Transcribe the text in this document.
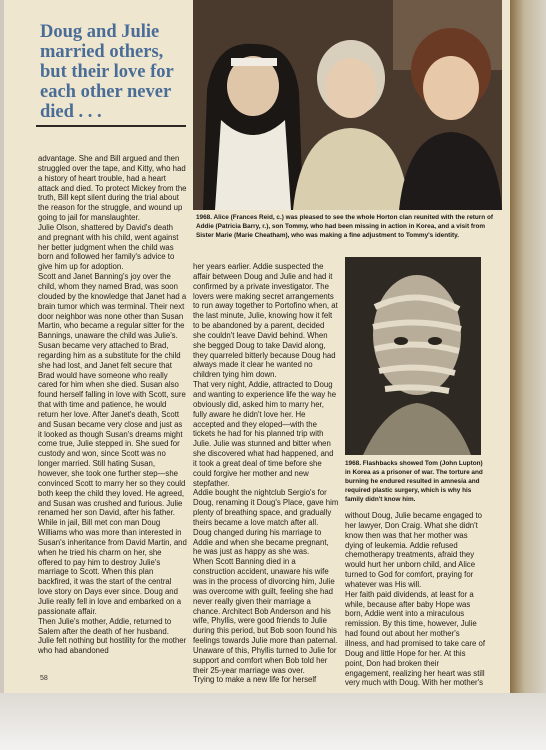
Doug and Julie married others, but their love for each other never died . . .
1968. Alice (Frances Reid, c.) was pleased to see the whole Horton clan reunited with the return of Addie (Patricia Barry, r.), son Tommy, who had been missing in action in Korea, and a visit from Sister Marie (Marie Cheatham), who was making a fine adjustment to Tommy's identity.
1968. Flashbacks showed Tom (John Lupton) in Korea as a prisoner of war. The torture and burning he endured resulted in amnesia and required plastic surgery, which is why his family didn't know him.
advantage. She and Bill argued and then struggled over the tape, and Kitty, who had a history of heart trouble, had a heart attack and died. To protect Mickey from the truth, Bill kept silent during the trial about the reason for the struggle, and wound up going to jail for manslaughter.
Julie Olson, shattered by David's death and pregnant with his child, went against her better judgment when the child was born and followed her family's advice to give him up for adoption.
Scott and Janet Banning's joy over the child, whom they named Brad, was soon clouded by the knowledge that Janet had a brain tumor which was terminal. Their next door neighbor was none other than Susan Martin, who became a regular sitter for the Bannings, unaware the child was Julie's. Susan became very attached to Brad, regarding him as a substitute for the child she had lost, and Janet felt secure that Brad would have someone who really cared for him when she died. Susan also found herself falling in love with Scott, sure that with time and patience, he would return her love. After Janet's death, Scott and Susan became very close and just as it looked as though Susan's dreams might come true, Julie stepped in. She sued for custody and won, since Scott was no longer married. Still hating Susan, however, she took one further step—she convinced Scott to marry her so they could both keep the child they loved. He agreed, and Susan was crushed and furious. Julie renamed her son David, after his father.
While in jail, Bill met con man Doug Williams who was more than interested in Susan's inheritance from David Martin, and when he tried his charm on her, she offered to pay him to destroy Julie's marriage to Scott. When this plan backfired, it was the start of the central love story on Days ever since. Doug and Julie really fell in love and embarked on a passionate affair.
Then Julie's mother, Addie, returned to Salem after the death of her husband. Julie felt nothing but hostility for the mother who had abandoned
her years earlier. Addie suspected the affair between Doug and Julie and had it confirmed by a private investigator. The lovers were making secret arrangements to run away together to Portofino when, at the last minute, Julie, knowing how it felt to be abandoned by a parent, decided she couldn't leave David behind. When she begged Doug to take David along, they quarreled bitterly because Doug had always made it clear he wanted no children tying him down.
That very night, Addie, attracted to Doug and wanting to experience life the way he obviously did, asked him to marry her, fully aware he didn't love her. He accepted and they eloped—with the tickets he had for his planned trip with Julie. Julie was stunned and bitter when she discovered what had happened, and it took a great deal of time before she could forgive her mother and new stepfather.
Addie bought the nightclub Sergio's for Doug, renaming it Doug's Place, gave him plenty of breathing space, and gradually theirs became a love match after all. Doug changed during his marriage to Addie and when she became pregnant, he was just as happy as she was.
When Scott Banning died in a construction accident, unaware his wife was in the process of divorcing him, Julie was overcome with guilt, feeling she had never really given their marriage a chance. Architect Bob Anderson and his wife, Phyllis, were good friends to Julie during this period, but Bob soon found his feelings towards Julie more than paternal. Unaware of this, Phyllis turned to Julie for support and comfort when Bob told her their 25-year marriage was over.
Trying to make a new life for herself
without Doug, Julie became engaged to her lawyer, Don Craig. What she didn't know then was that her mother was dying of leukemia. Addie refused chemotherapy treatments, afraid they would hurt her unborn child, and Alice turned to God for comfort, praying for whatever was His will.
Her faith paid dividends, at least for a while, because after baby Hope was born, Addie went into a miraculous remission. By this time, however, Julie had found out about her mother's illness, and had promised to take care of Doug and little Hope for her. At this point, Don had broken their engagement, realizing her heart was still very much with Doug. With her mother's
58
